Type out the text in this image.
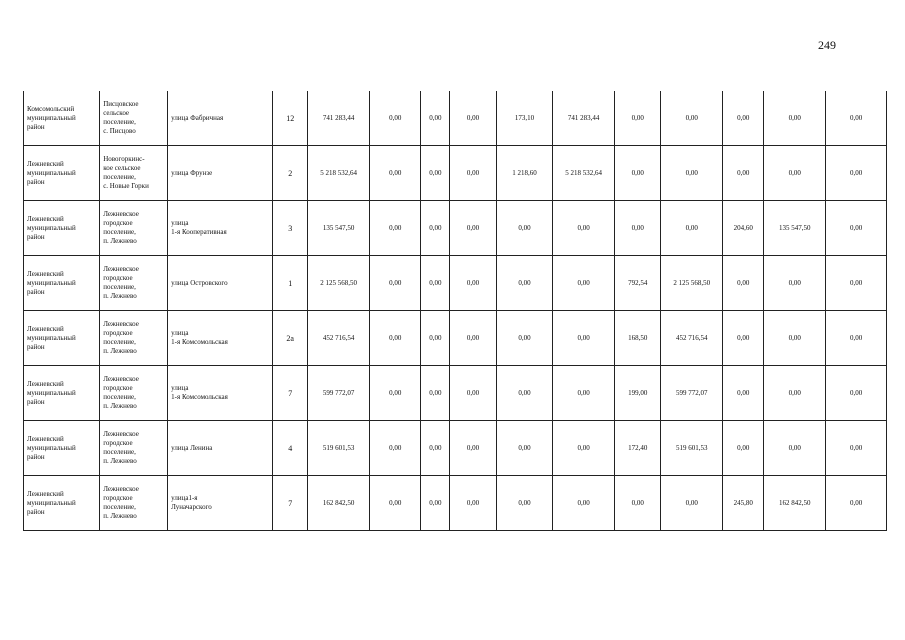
249
Комсомольский
муниципальный
район	Писцовское
сельское
поселение,
с. Писцово	улица Фабричная	12	741 283,44	0,00	0,00	0,00	173,10	741 283,44	0,00	0,00	0,00	0,00	0,00
Лежневский
муниципальный
район	Новогоркинс-
кое сельское
поселение,
с. Новые Горки	улица Фрунзе	2	5 218 532,64	0,00	0,00	0,00	1 218,60	5 218 532,64	0,00	0,00	0,00	0,00	0,00
Лежневский
муниципальный
район	Лежневское
городское
поселение,
п. Лежнево	улица
1-я Кооперативная	3	135 547,50	0,00	0,00	0,00	0,00	0,00	0,00	0,00	204,60	135 547,50	0,00
Лежневский
муниципальный
район	Лежневское
городское
поселение,
п. Лежнево	улица Островского	1	2 125 568,50	0,00	0,00	0,00	0,00	0,00	792,54	2 125 568,50	0,00	0,00	0,00
Лежневский
муниципальный
район	Лежневское
городское
поселение,
п. Лежнево	улица
1-я Комсомольская	2а	452 716,54	0,00	0,00	0,00	0,00	0,00	168,50	452 716,54	0,00	0,00	0,00
Лежневский
муниципальный
район	Лежневское
городское
поселение,
п. Лежнево	улица
1-я Комсомольская	7	599 772,07	0,00	0,00	0,00	0,00	0,00	199,00	599 772,07	0,00	0,00	0,00
Лежневский
муниципальный
район	Лежневское
городское
поселение,
п. Лежнево	улица Ленина	4	519 601,53	0,00	0,00	0,00	0,00	0,00	172,40	519 601,53	0,00	0,00	0,00
Лежневский
муниципальный
район	Лежневское
городское
поселение,
п. Лежнево	улица1-я
Луначарского	7	162 842,50	0,00	0,00	0,00	0,00	0,00	0,00	0,00	245,80	162 842,50	0,00
